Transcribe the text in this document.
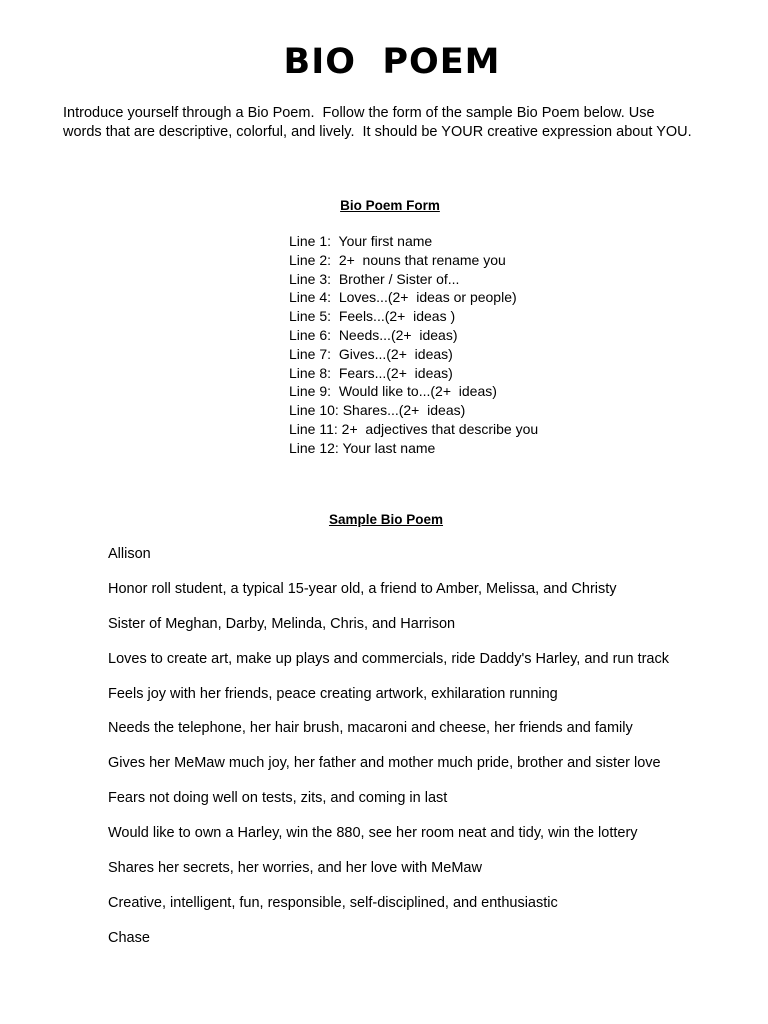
BIO  POEM

Introduce yourself through a Bio Poem.  Follow the form of the sample Bio Poem below. Use

words that are descriptive, colorful, and lively.  It should be YOUR creative expression about YOU.

Bio Poem Form
Line 1:  Your first name
Line 2:  2+  nouns that rename you
Line 3:  Brother / Sister of...
Line 4:  Loves...(2+  ideas or people)
Line 5:  Feels...(2+  ideas )
Line 6:  Needs...(2+  ideas)
Line 7:  Gives...(2+  ideas)
Line 8:  Fears...(2+  ideas)
Line 9:  Would like to...(2+  ideas)
Line 10: Shares...(2+  ideas)
Line 11: 2+  adjectives that describe you
Line 12: Your last name
Sample Bio Poem
Allison
Honor roll student, a typical 15-year old, a friend to Amber, Melissa, and Christy
Sister of Meghan, Darby, Melinda, Chris, and Harrison
Loves to create art, make up plays and commercials, ride Daddy's Harley, and run track
Feels joy with her friends, peace creating artwork, exhilaration running
Needs the telephone, her hair brush, macaroni and cheese, her friends and family
Gives her MeMaw much joy, her father and mother much pride, brother and sister love
Fears not doing well on tests, zits, and coming in last
Would like to own a Harley, win the 880, see her room neat and tidy, win the lottery
Shares her secrets, her worries, and her love with MeMaw
Creative, intelligent, fun, responsible, self-disciplined, and enthusiastic
Chase
